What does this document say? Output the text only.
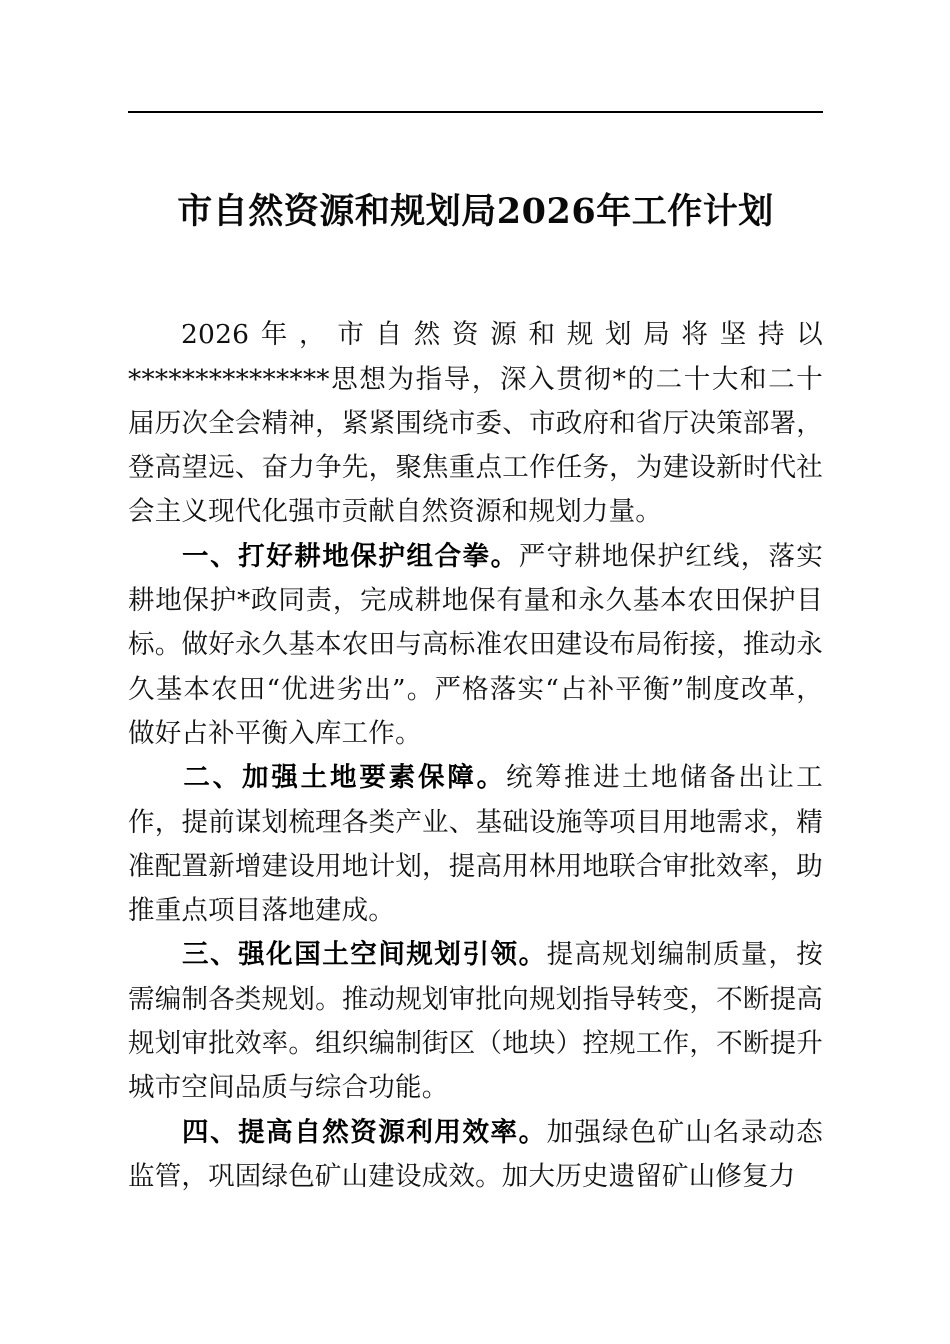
市自然资源和规划局2026年工作计划

2026年，市自然资源和规划局将坚持以***************思想为指导，深入贯彻*的二十大和二十届历次全会精神，紧紧围绕市委、市政府和省厅决策部署，登高望远、奋力争先，聚焦重点工作任务，为建设新时代社会主义现代化强市贡献自然资源和规划力量。

一、打好耕地保护组合拳。严守耕地保护红线，落实耕地保护*政同责，完成耕地保有量和永久基本农田保护目标。做好永久基本农田与高标准农田建设布局衔接，推动永久基本农田“优进劣出”。严格落实“占补平衡”制度改革，做好占补平衡入库工作。

二、加强土地要素保障。统筹推进土地储备出让工作，提前谋划梳理各类产业、基础设施等项目用地需求，精准配置新增建设用地计划，提高用林用地联合审批效率，助推重点项目落地建成。

三、强化国土空间规划引领。提高规划编制质量，按需编制各类规划。推动规划审批向规划指导转变，不断提高规划审批效率。组织编制街区（地块）控规工作，不断提升城市空间品质与综合功能。

四、提高自然资源利用效率。加强绿色矿山名录动态监管，巩固绿色矿山建设成效。加大历史遗留矿山修复力
